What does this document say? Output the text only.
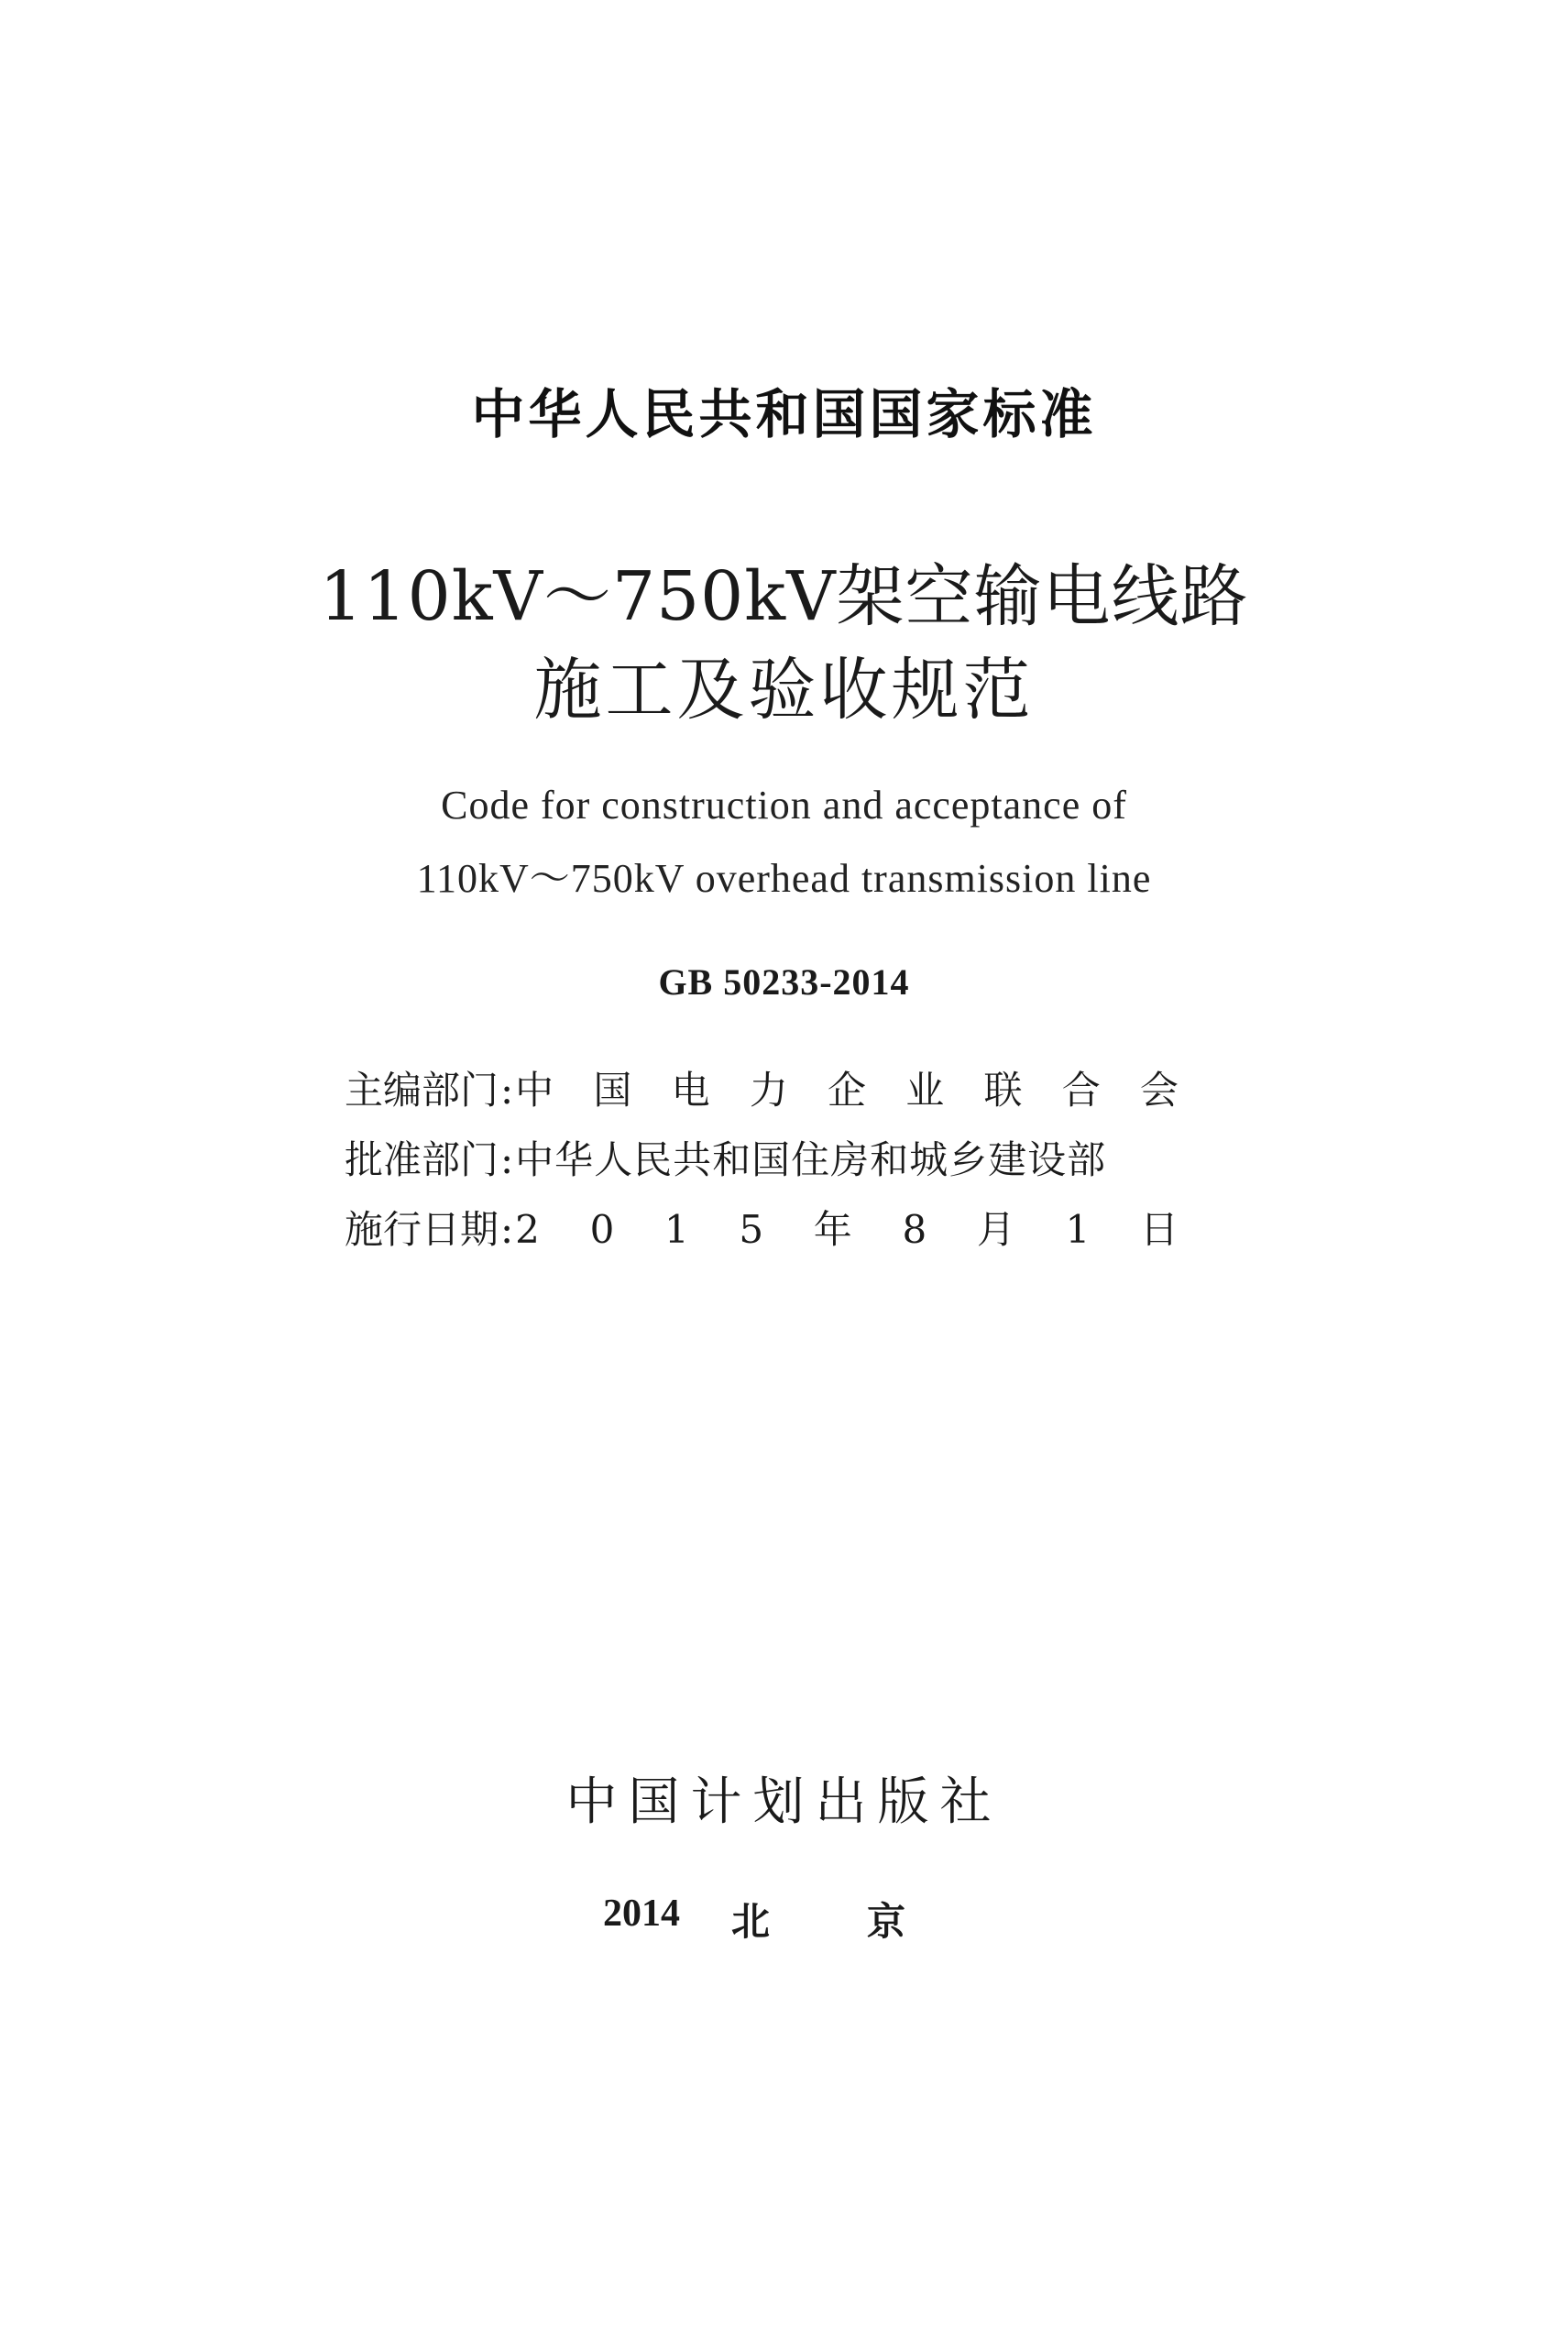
中华人民共和国国家标准
110kV～750kV架空输电线路
施工及验收规范
Code for construction and acceptance of
110kV～750kV overhead transmission line
GB 50233-2014
主编部门 : 中 国 电 力 企 业 联 合 会
批准部门 : 中华人民共和国住房和城乡建设部
施行日期 : 2 0 1 5 年 8 月 1 日
中国计划出版社
2014 北	京
